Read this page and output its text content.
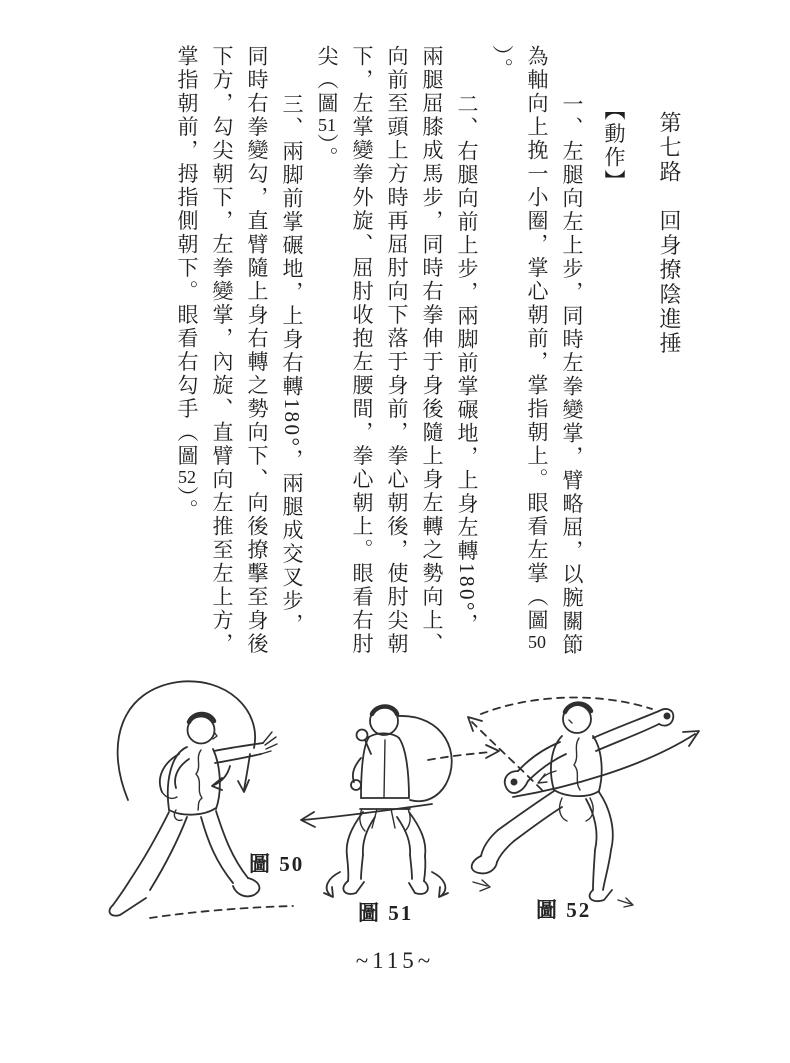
第七路　回身撩陰進捶
【動作】
一、左腿向左上步，同時左拳變掌，臂略屈，以腕關節
為軸向上挽一小圈，掌心朝前，掌指朝上。眼看左掌（圖50
）。
二、右腿向前上步，兩脚前掌碾地，上身左轉180°，
兩腿屈膝成馬步，同時右拳伸于身後隨上身左轉之勢向上、
向前至頭上方時再屈肘向下落于身前，拳心朝後，使肘尖朝
下，左掌變拳外旋、屈肘收抱左腰間，拳心朝上。眼看右肘
尖（圖51）。
三、兩脚前掌碾地，上身右轉180°，兩腿成交叉步，
同時右拳變勾，直臂隨上身右轉之勢向下、向後撩擊至身後
下方，勾尖朝下，左拳變掌，內旋、直臂向左推至左上方，
掌指朝前，拇指側朝下。眼看右勾手（圖52）。
圖 50
圖 51	圖 52
~115~
